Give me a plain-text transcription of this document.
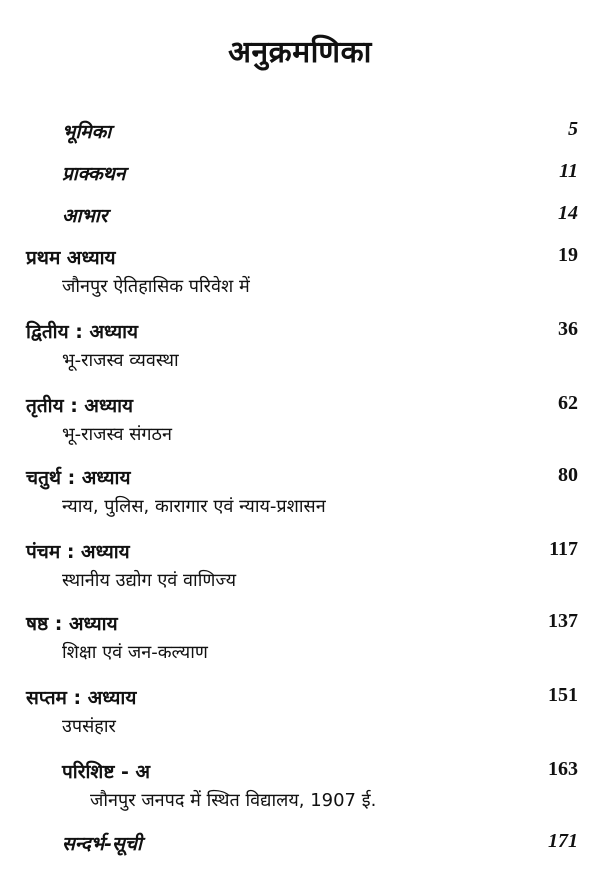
अनुक्रमणिका
भूमिका	5
प्राक्कथन	11
आभार	14
प्रथम अध्याय	19
जौनपुर ऐतिहासिक परिवेश में
द्वितीय : अध्याय	36
भू-राजस्व व्यवस्था
तृतीय : अध्याय	62
भू-राजस्व संगठन
चतुर्थ : अध्याय	80
न्याय, पुलिस, कारागार एवं न्याय-प्रशासन
पंचम : अध्याय	117
स्थानीय उद्योग एवं वाणिज्य
षष्ठ : अध्याय	137
शिक्षा एवं जन-कल्याण
सप्तम : अध्याय	151
उपसंहार
परिशिष्ट - अ	163
जौनपुर जनपद में स्थित विद्यालय, 1907 ई.
सन्दर्भ-सूची	171
